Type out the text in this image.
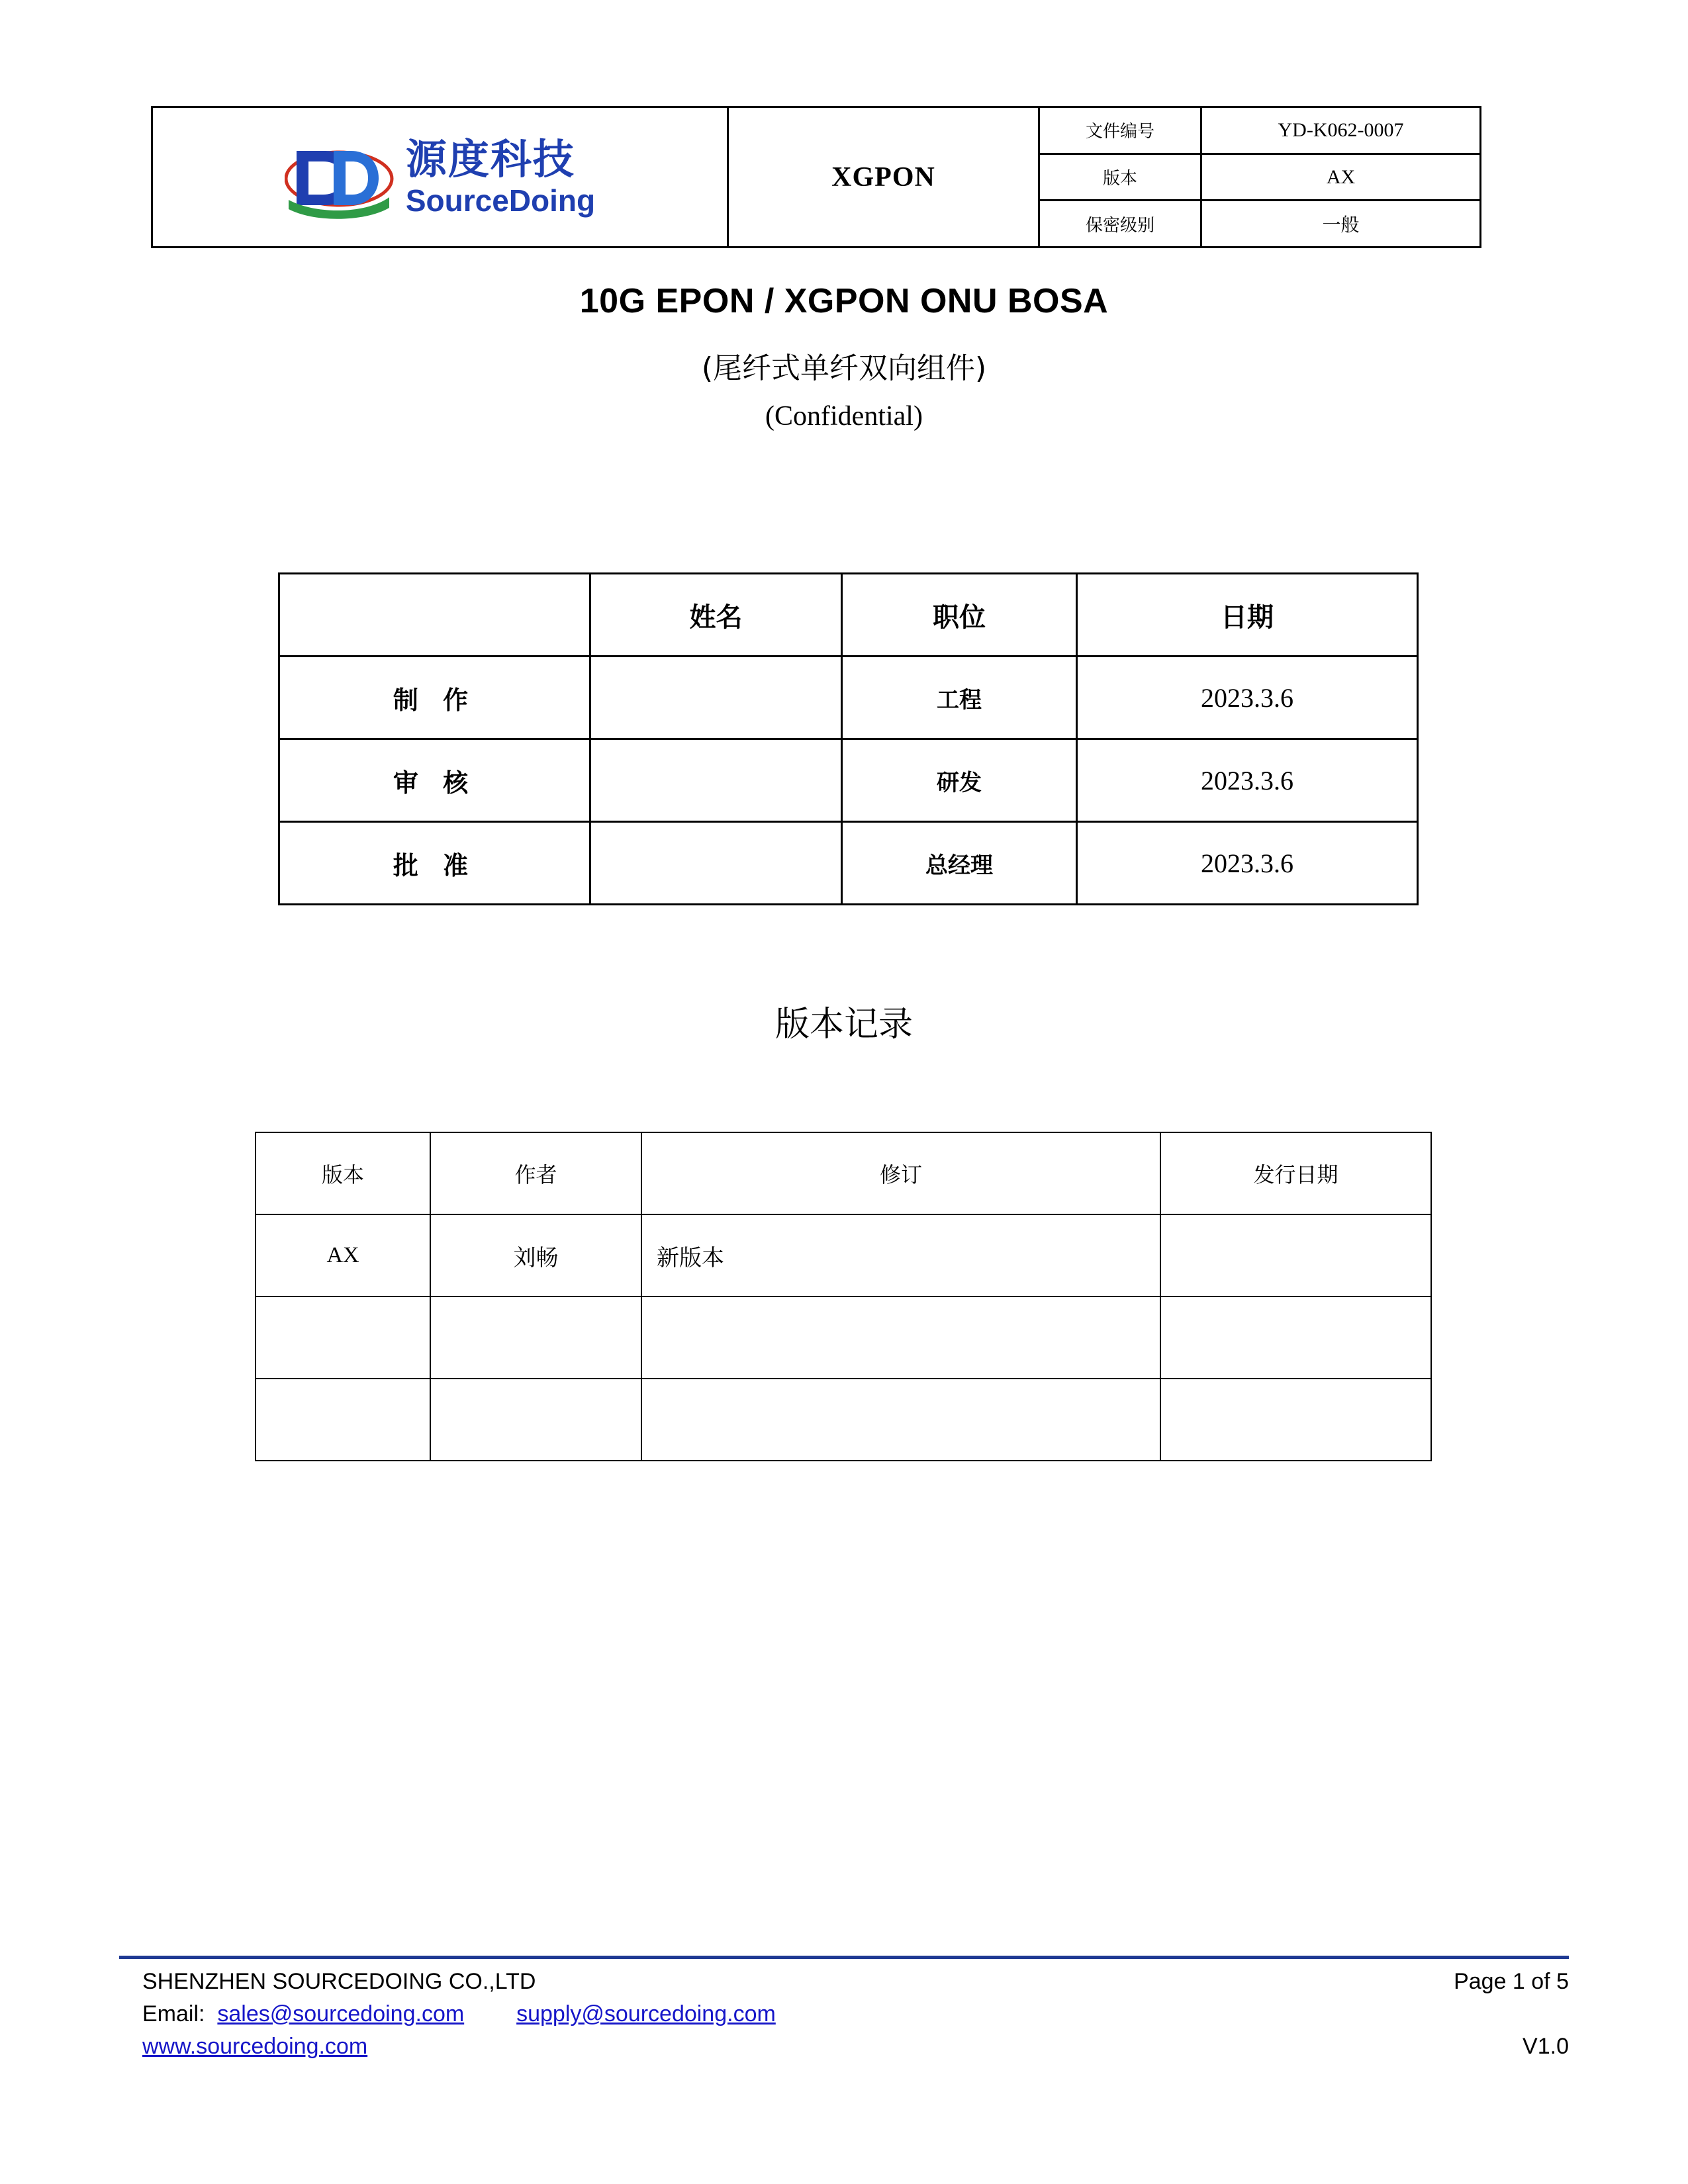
源度科技
SourceDoing
XGPON
文件编号	YD-K062-0007
版本	AX
保密级别	一般
10G EPON / XGPON ONU BOSA
(尾纤式单纤双向组件)
(Confidential)
	姓名	职位	日期
制 作		工程	2023.3.6
审 核		研发	2023.3.6
批 准		总经理	2023.3.6
版本记录
版本	作者	修订	发行日期
AX	刘畅	新版本	

SHENZHEN SOURCEDOING CO.,LTD	Page 1 of 5
Email: sales@sourcedoing.com supply@sourcedoing.com
www.sourcedoing.com	V1.0
